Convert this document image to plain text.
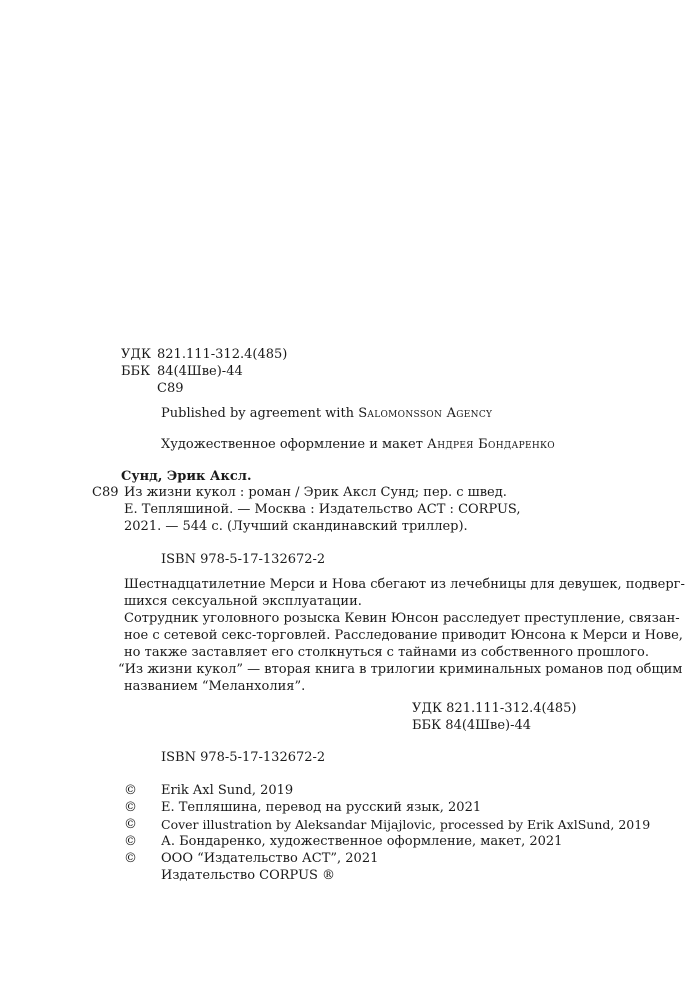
УДК 821.111-312.4(485)
ББК 84(4Шве)-44
С89
Published by agreement with Salomonsson Agency
Художественное оформление и макет Андрея Бондаренко
Сунд, Эрик Аксл.
С89 Из жизни кукол : роман / Эрик Аксл Сунд; пер. с швед.
Е. Тепляшиной. — Москва : Издательство АСТ : CORPUS,
2021. — 544 с. (Лучший скандинавский триллер).
ISBN 978-5-17-132672-2
Шестнадцатилетние Мерси и Нова сбегают из лечебницы для девушек, подверг-
шихся сексуальной эксплуатации.
Сотрудник уголовного розыска Кевин Юнсон расследует преступление, связан-
ное с сетевой секс-торговлей. Расследование приводит Юнсона к Мерси и Нове,
но также заставляет его столкнуться с тайнами из собственного прошлого.
“Из жизни кукол” — вторая книга в трилогии криминальных романов под общим
названием “Меланхолия”.
УДК 821.111-312.4(485)
ББК 84(4Шве)-44
ISBN 978-5-17-132672-2
© Erik Axl Sund, 2019
© Е. Тепляшина, перевод на русский язык, 2021
© Cover illustration by Aleksandar Mijajlovic, processed by Erik AxlSund, 2019
© А. Бондаренко, художественное оформление, макет, 2021
© ООО “Издательство АСТ”, 2021
Издательство CORPUS ®
